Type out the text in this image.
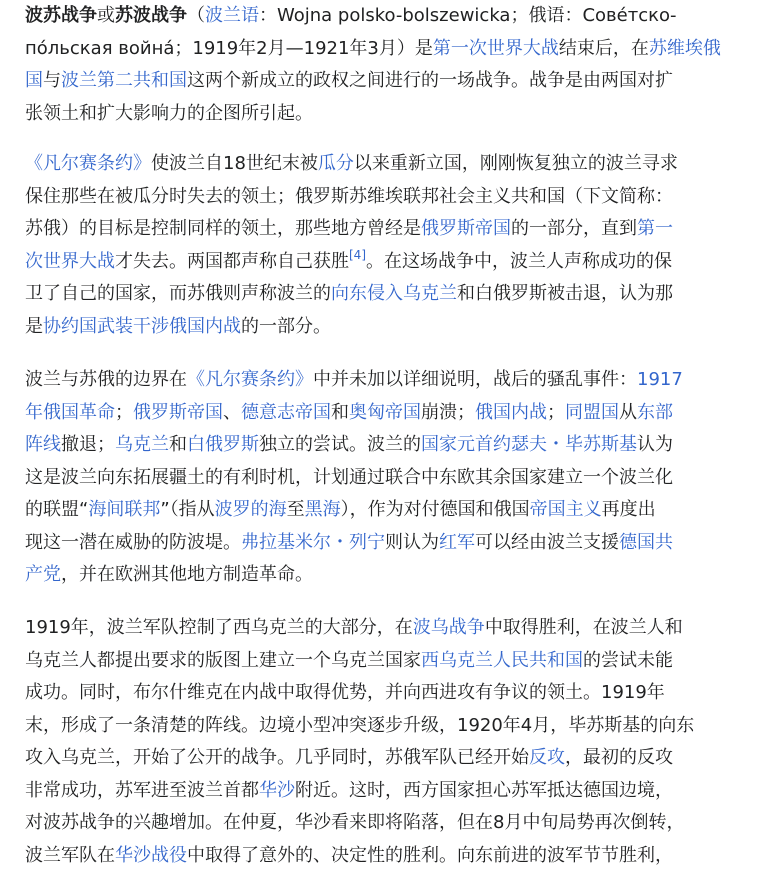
波苏战争或苏波战争（波兰语：Wojna polsko-bolszewicka；俄语：Сове́тско-
по́льская война́；1919年2月—1921年3月）是第一次世界大战结束后，在苏维埃俄
国与波兰第二共和国这两个新成立的政权之间进行的一场战争。战争是由两国对扩
张领土和扩大影响力的企图所引起。
《凡尔赛条约》使波兰自18世纪末被瓜分以来重新立国，刚刚恢复独立的波兰寻求
保住那些在被瓜分时失去的领土；俄罗斯苏维埃联邦社会主义共和国（下文简称：
苏俄）的目标是控制同样的领土，那些地方曾经是俄罗斯帝国的一部分，直到第一
次世界大战才失去。两国都声称自己获胜[4]。在这场战争中，波兰人声称成功的保
卫了自己的国家，而苏俄则声称波兰的向东侵入乌克兰和白俄罗斯被击退，认为那
是协约国武装干涉俄国内战的一部分。
波兰与苏俄的边界在《凡尔赛条约》中并未加以详细说明，战后的骚乱事件：1917
年俄国革命；俄罗斯帝国、德意志帝国和奥匈帝国崩溃；俄国内战；同盟国从东部
阵线撤退；乌克兰和白俄罗斯独立的尝试。波兰的国家元首约瑟夫・毕苏斯基认为
这是波兰向东拓展疆土的有利时机，计划通过联合中东欧其余国家建立一个波兰化
的联盟“海间联邦”（指从波罗的海至黑海），作为对付德国和俄国帝国主义再度出
现这一潜在威胁的防波堤。弗拉基米尔・列宁则认为红军可以经由波兰支援德国共
产党，并在欧洲其他地方制造革命。
1919年，波兰军队控制了西乌克兰的大部分，在波乌战争中取得胜利，在波兰人和
乌克兰人都提出要求的版图上建立一个乌克兰国家西乌克兰人民共和国的尝试未能
成功。同时，布尔什维克在内战中取得优势，并向西进攻有争议的领土。1919年
末，形成了一条清楚的阵线。边境小型冲突逐步升级，1920年4月，毕苏斯基的向东
攻入乌克兰，开始了公开的战争。几乎同时，苏俄军队已经开始反攻，最初的反攻
非常成功，苏军进至波兰首都华沙附近。这时，西方国家担心苏军抵达德国边境，
对波苏战争的兴趣增加。在仲夏，华沙看来即将陷落，但在8月中旬局势再次倒转，
波兰军队在华沙战役中取得了意外的、决定性的胜利。向东前进的波军节节胜利，
